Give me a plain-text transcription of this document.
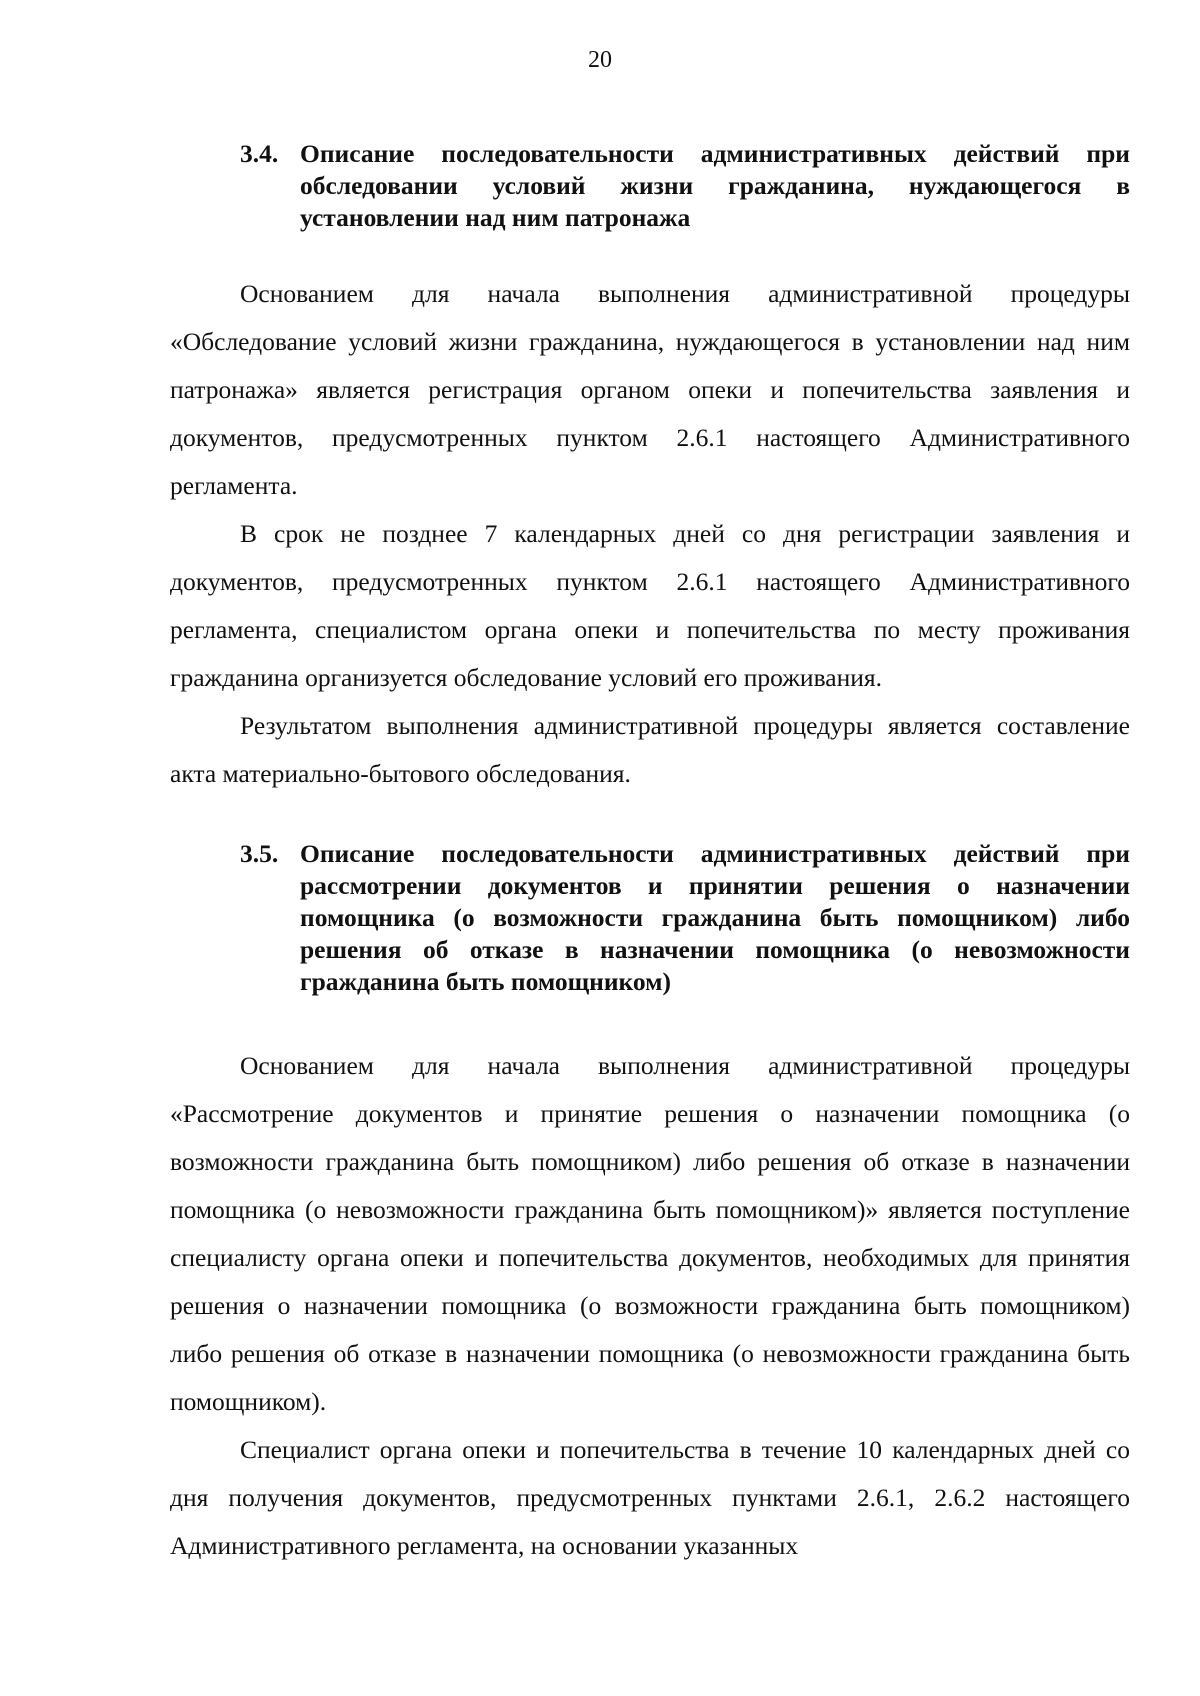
20
3.4. Описание последовательности административных действий при обследовании условий жизни гражданина, нуждающегося в установлении над ним патронажа

Основанием для начала выполнения административной процедуры «Обследование условий жизни гражданина, нуждающегося в установлении над ним патронажа» является регистрация органом опеки и попечительства заявления и документов, предусмотренных пунктом 2.6.1 настоящего Административного регламента.

В срок не позднее 7 календарных дней со дня регистрации заявления и документов, предусмотренных пунктом 2.6.1 настоящего Административного регламента, специалистом органа опеки и попечительства по месту проживания гражданина организуется обследование условий его проживания.

Результатом выполнения административной процедуры является составление акта материально-бытового обследования.

3.5. Описание последовательности административных действий при рассмотрении документов и принятии решения о назначении помощника (о возможности гражданина быть помощником) либо решения об отказе в назначении помощника (о невозможности гражданина быть помощником)

Основанием для начала выполнения административной процедуры «Рассмотрение документов и принятие решения о назначении помощника (о возможности гражданина быть помощником) либо решения об отказе в назначении помощника (о невозможности гражданина быть помощником)» является поступление специалисту органа опеки и попечительства документов, необходимых для принятия решения о назначении помощника (о возможности гражданина быть помощником) либо решения об отказе в назначении помощника (о невозможности гражданина быть помощником).

Специалист органа опеки и попечительства в течение 10 календарных дней со дня получения документов, предусмотренных пунктами 2.6.1, 2.6.2 настоящего Административного регламента, на основании указанных
